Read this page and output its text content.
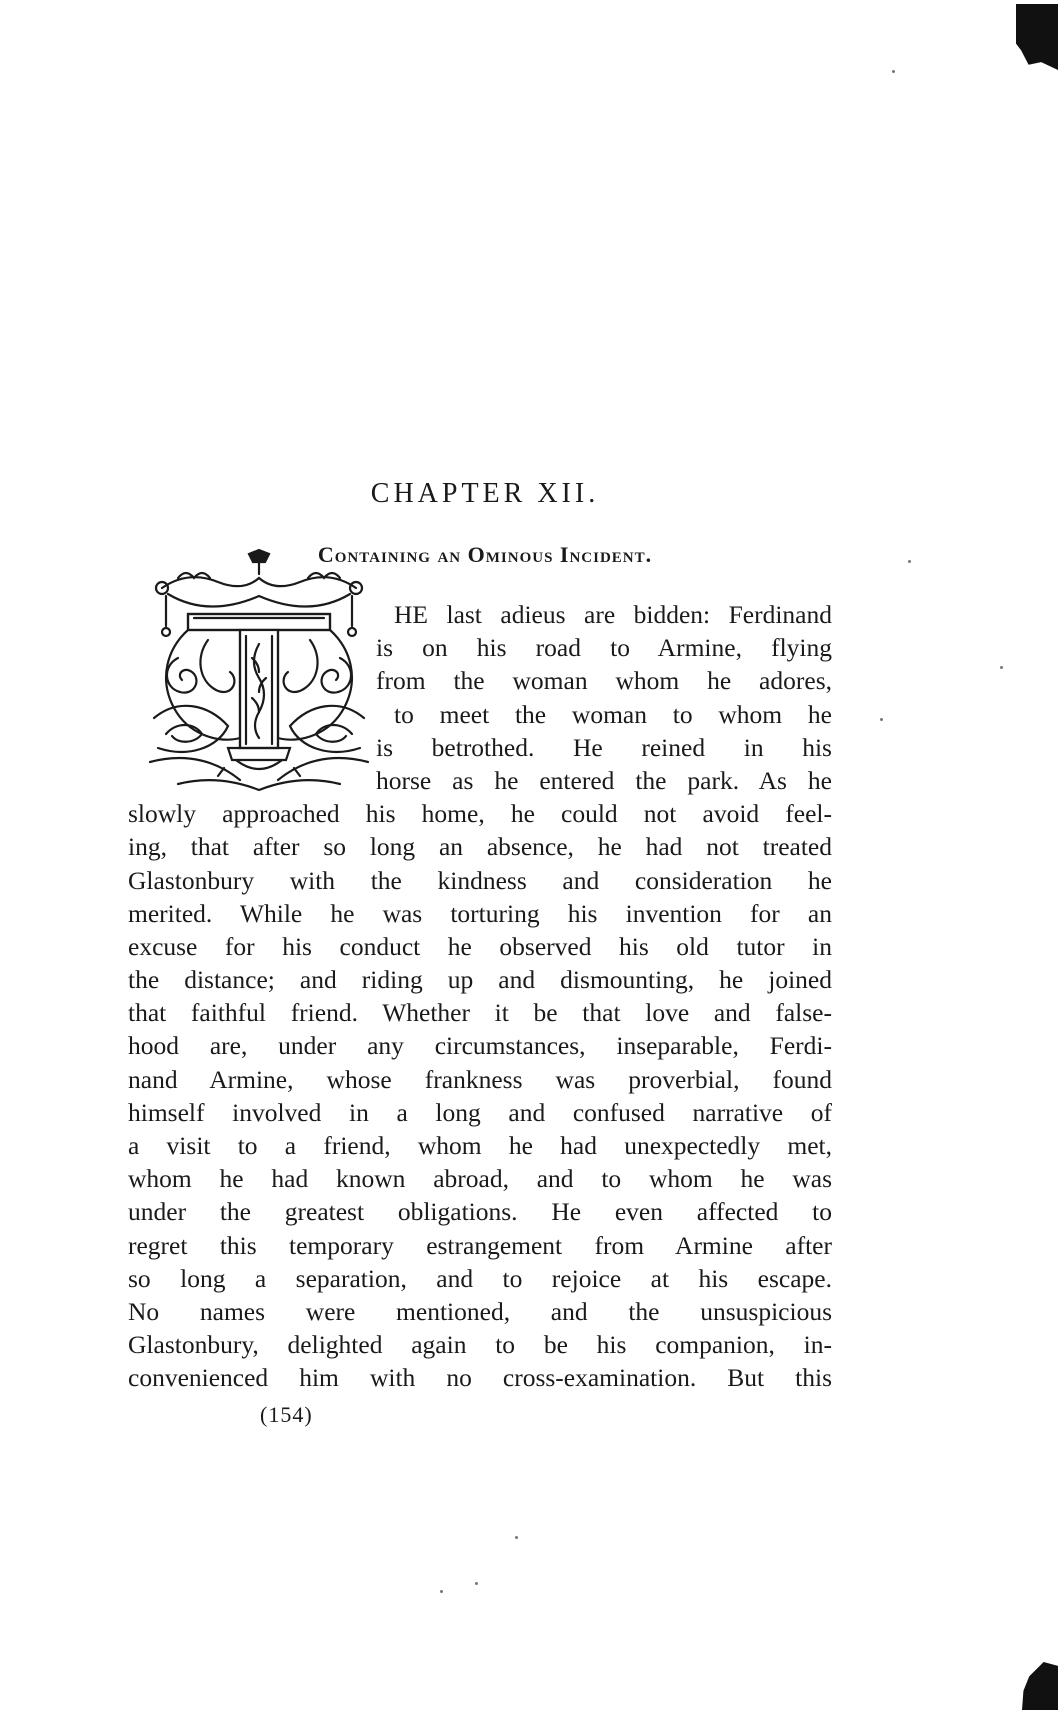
CHAPTER XII.
Containing an Ominous Incident.
HE last adieus are bidden: Ferdinand
is on his road to Armine, flying
from the woman whom he adores,
to meet the woman to whom he
is betrothed. He reined in his
horse as he entered the park. As he
slowly approached his home, he could not avoid feel-
ing, that after so long an absence, he had not treated
Glastonbury with the kindness and consideration he
merited. While he was torturing his invention for an
excuse for his conduct he observed his old tutor in
the distance; and riding up and dismounting, he joined
that faithful friend. Whether it be that love and false-
hood are, under any circumstances, inseparable, Ferdi-
nand Armine, whose frankness was proverbial, found
himself involved in a long and confused narrative of
a visit to a friend, whom he had unexpectedly met,
whom he had known abroad, and to whom he was
under the greatest obligations. He even affected to
regret this temporary estrangement from Armine after
so long a separation, and to rejoice at his escape.
No names were mentioned, and the unsuspicious
Glastonbury, delighted again to be his companion, in-
convenienced him with no cross-examination. But this
(154)
